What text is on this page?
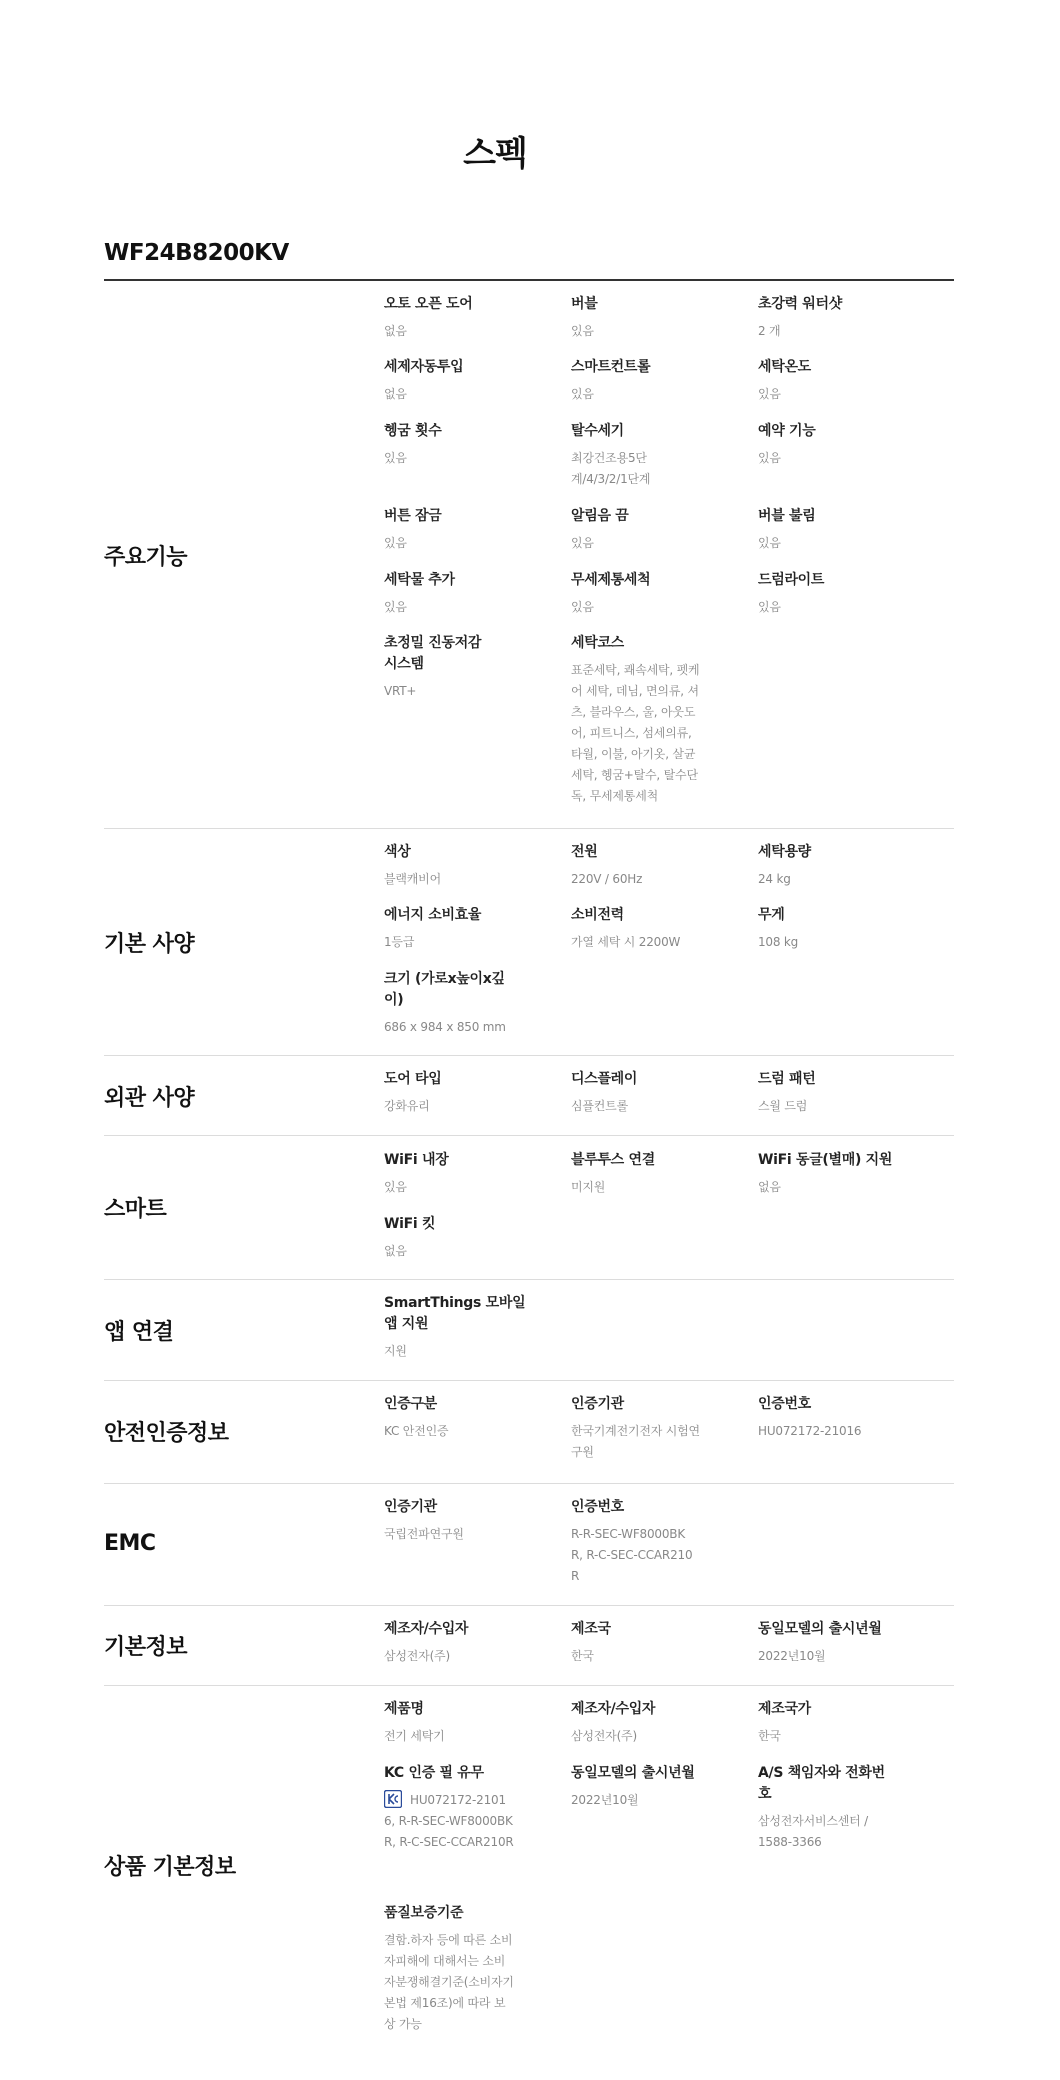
스펙
WF24B8200KV
주요기능
오토 오픈 도어
없음
버블
있음
초강력 워터샷
2 개
세제자동투입
없음
스마트컨트롤
있음
세탁온도
있음
헹굼 횟수
있음
탈수세기
최강건조용5단계/4/3/2/1단계
예약 기능
있음
버튼 잠금
있음
알림음 끔
있음
버블 불림
있음
세탁물 추가
있음
무세제통세척
있음
드럼라이트
있음
초정밀 진동저감 시스템
VRT+
세탁코스
표준세탁, 쾌속세탁, 펫케어 세탁, 데님, 면의류, 셔츠, 블라우스, 울, 아웃도어, 피트니스, 섬세의류, 타월, 이불, 아기옷, 살균세탁, 헹굼+탈수, 탈수단독, 무세제통세척
기본 사양
색상
블랙캐비어
전원
220V / 60Hz
세탁용량
24 kg
에너지 소비효율
1등급
소비전력
가열 세탁 시 2200W
무게
108 kg
크기 (가로x높이x깊이)
686 x 984 x 850 mm
외관 사양
도어 타입
강화유리
디스플레이
심플컨트롤
드럼 패턴
스월 드럼
스마트
WiFi 내장
있음
블루투스 연결
미지원
WiFi 동글(별매) 지원
없음
WiFi 킷
없음
앱 연결
SmartThings 모바일 앱 지원
지원
안전인증정보
인증구분
KC 안전인증
인증기관
한국기계전기전자 시험연구원
인증번호
HU072172-21016
EMC
인증기관
국립전파연구원
인증번호
R-R-SEC-WF8000BKR, R-C-SEC-CCAR210R
기본정보
제조자/수입자
삼성전자(주)
제조국
한국
동일모델의 출시년월
2022년10월
상품 기본정보
제품명
전기 세탁기
제조자/수입자
삼성전자(주)
제조국가
한국
KC 인증 필 유무
HU072172-21016, R-R-SEC-WF8000BKR, R-C-SEC-CCAR210R
동일모델의 출시년월
2022년10월
A/S 책임자와 전화번호
삼성전자서비스센터 / 1588-3366
품질보증기준
결함.하자 등에 따른 소비자피해에 대해서는 소비자분쟁해결기준(소비자기본법 제16조)에 따라 보상 가능
